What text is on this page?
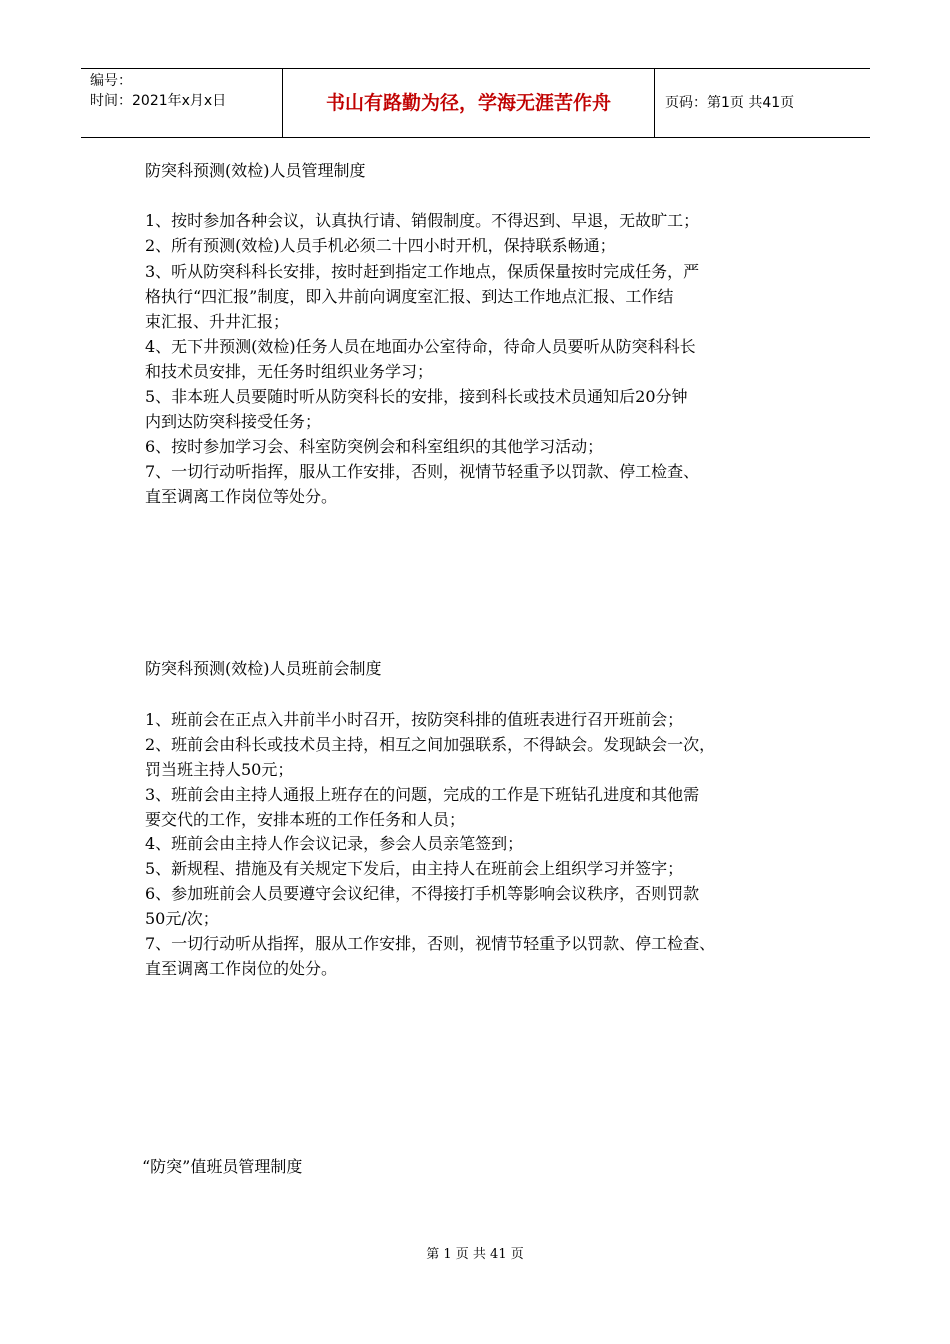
编号：
时间：2021年x月x日	书山有路勤为径，学海无涯苦作舟	页码：第1页 共41页
防突科预测(效检)人员管理制度
1、按时参加各种会议，认真执行请、销假制度。不得迟到、早退，无故旷工；
2、所有预测(效检)人员手机必须二十四小时开机，保持联系畅通；
3、听从防突科科长安排，按时赶到指定工作地点，保质保量按时完成任务，严
格执行“四汇报”制度，即入井前向调度室汇报、到达工作地点汇报、工作结
束汇报、升井汇报；
4、无下井预测(效检)任务人员在地面办公室待命，待命人员要听从防突科科长
和技术员安排，无任务时组织业务学习；
5、非本班人员要随时听从防突科长的安排，接到科长或技术员通知后20分钟
内到达防突科接受任务；
6、按时参加学习会、科室防突例会和科室组织的其他学习活动；
7、一切行动听指挥，服从工作安排，否则，视情节轻重予以罚款、停工检查、
直至调离工作岗位等处分。
防突科预测(效检)人员班前会制度
1、班前会在正点入井前半小时召开，按防突科排的值班表进行召开班前会；
2、班前会由科长或技术员主持，相互之间加强联系，不得缺会。发现缺会一次，
罚当班主持人50元；
3、班前会由主持人通报上班存在的问题，完成的工作是下班钻孔进度和其他需
要交代的工作，安排本班的工作任务和人员；
4、班前会由主持人作会议记录，参会人员亲笔签到；
5、新规程、措施及有关规定下发后，由主持人在班前会上组织学习并签字；
6、参加班前会人员要遵守会议纪律，不得接打手机等影响会议秩序，否则罚款
50元/次；
7、一切行动听从指挥，服从工作安排，否则，视情节轻重予以罚款、停工检查、
直至调离工作岗位的处分。
“防突”值班员管理制度
第 1 页 共 41 页
